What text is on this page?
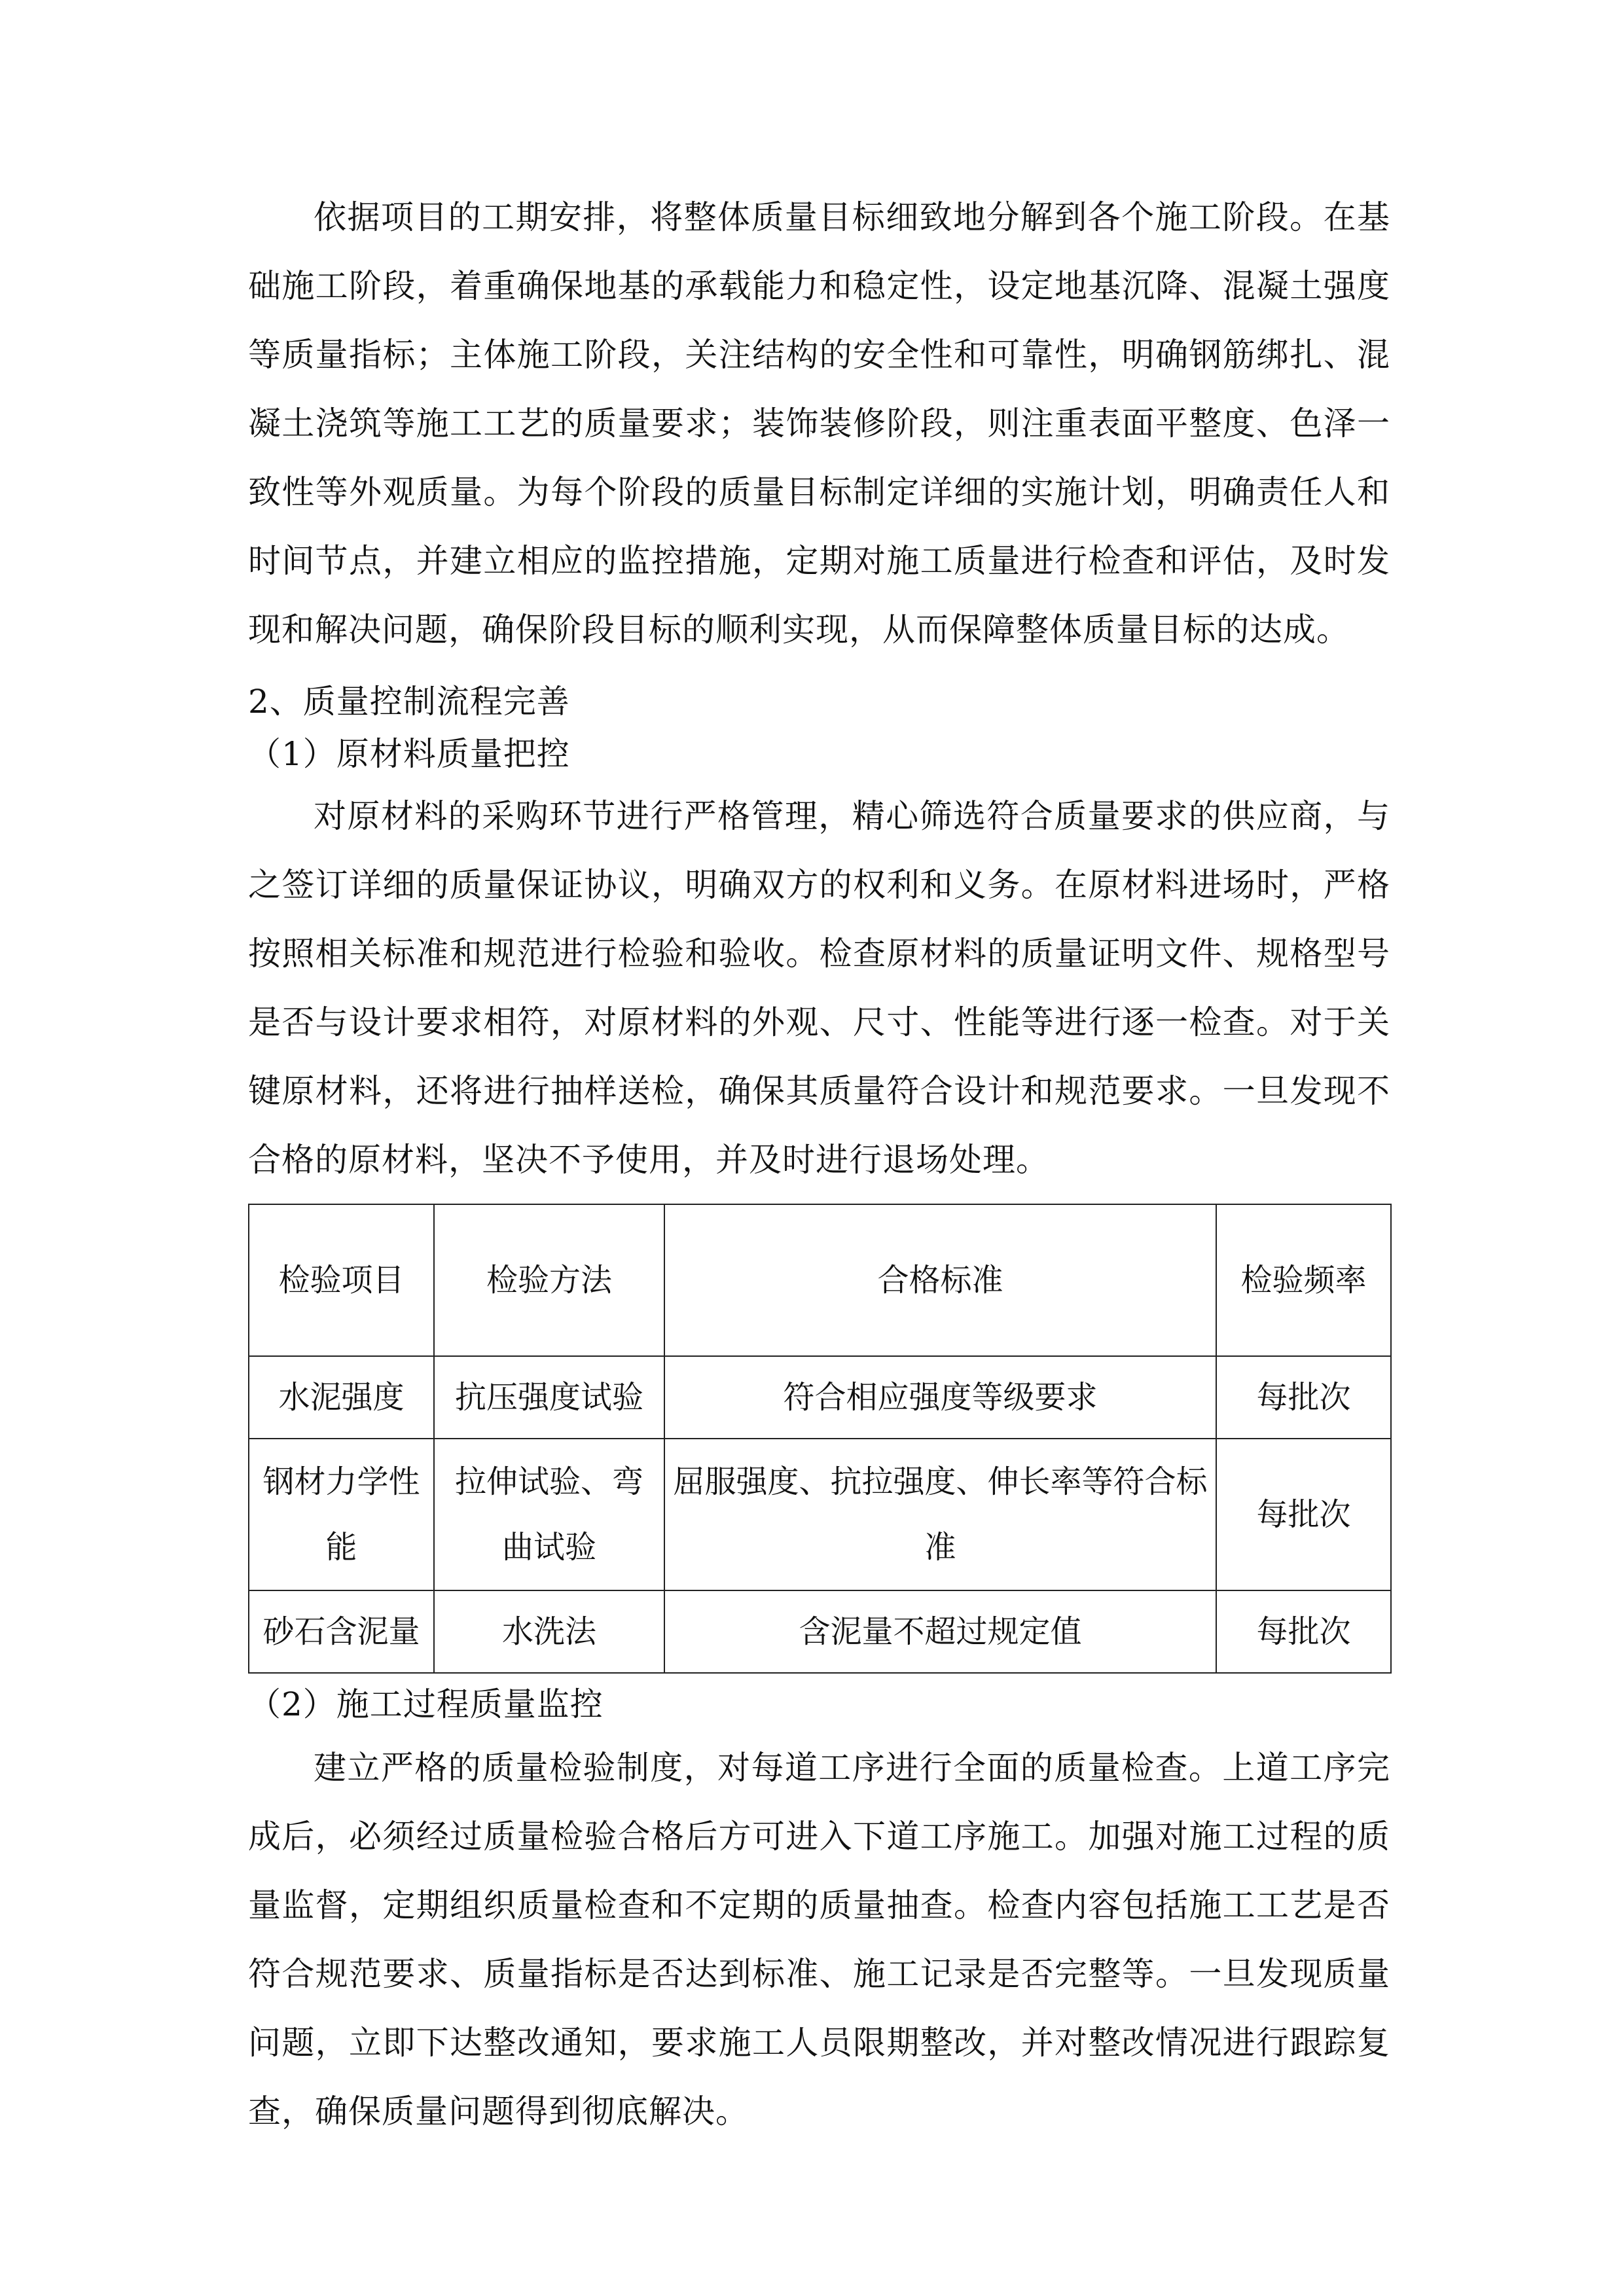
依据项目的工期安排，将整体质量目标细致地分解到各个施工阶段。在基础施工阶段，着重确保地基的承载能力和稳定性，设定地基沉降、混凝土强度等质量指标；主体施工阶段，关注结构的安全性和可靠性，明确钢筋绑扎、混凝土浇筑等施工工艺的质量要求；装饰装修阶段，则注重表面平整度、色泽一致性等外观质量。为每个阶段的质量目标制定详细的实施计划，明确责任人和时间节点，并建立相应的监控措施，定期对施工质量进行检查和评估，及时发现和解决问题，确保阶段目标的顺利实现，从而保障整体质量目标的达成。

2、质量控制流程完善

（1）原材料质量把控

对原材料的采购环节进行严格管理，精心筛选符合质量要求的供应商，与之签订详细的质量保证协议，明确双方的权利和义务。在原材料进场时，严格按照相关标准和规范进行检验和验收。检查原材料的质量证明文件、规格型号是否与设计要求相符，对原材料的外观、尺寸、性能等进行逐一检查。对于关键原材料，还将进行抽样送检，确保其质量符合设计和规范要求。一旦发现不合格的原材料，坚决不予使用，并及时进行退场处理。

检验项目	检验方法	合格标准	检验频率
水泥强度	抗压强度试验	符合相应强度等级要求	每批次
钢材力学性能	拉伸试验、弯曲试验	屈服强度、抗拉强度、伸长率等符合标准	每批次
砂石含泥量	水洗法	含泥量不超过规定值	每批次

（2）施工过程质量监控

建立严格的质量检验制度，对每道工序进行全面的质量检查。上道工序完成后，必须经过质量检验合格后方可进入下道工序施工。加强对施工过程的质量监督，定期组织质量检查和不定期的质量抽查。检查内容包括施工工艺是否符合规范要求、质量指标是否达到标准、施工记录是否完整等。一旦发现质量问题，立即下达整改通知，要求施工人员限期整改，并对整改情况进行跟踪复查，确保质量问题得到彻底解决。
